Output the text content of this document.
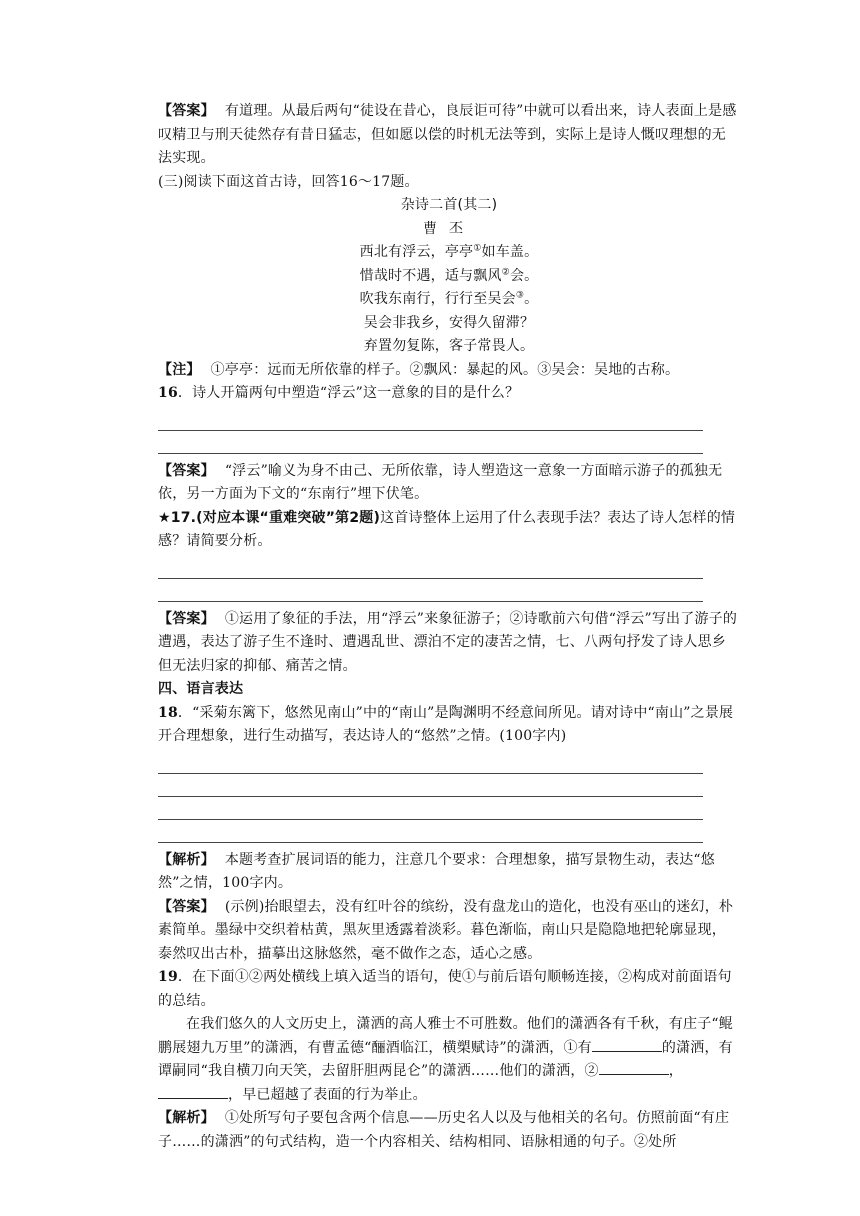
【答案】 有道理。从最后两句“徒设在昔心，良辰讵可待”中就可以看出来，诗人表面上是感叹精卫与刑天徒然存有昔日猛志，但如愿以偿的时机无法等到，实际上是诗人慨叹理想的无法实现。

(三)阅读下面这首古诗，回答16～17题。

杂诗二首(其二)

曹丕

西北有浮云，亭亭①如车盖。

惜哉时不遇，适与飘风②会。

吹我东南行，行行至吴会③。

吴会非我乡，安得久留滞？

弃置勿复陈，客子常畏人。

【注】 ①亭亭：远而无所依靠的样子。②飘风：暴起的风。③吴会：吴地的古称。

16．诗人开篇两句中塑造“浮云”这一意象的目的是什么？

【答案】 “浮云”喻义为身不由己、无所依靠，诗人塑造这一意象一方面暗示游子的孤独无依，另一方面为下文的“东南行”埋下伏笔。

★17.(对应本课“重难突破”第2题)这首诗整体上运用了什么表现手法？表达了诗人怎样的情感？请简要分析。

【答案】 ①运用了象征的手法，用“浮云”来象征游子；②诗歌前六句借“浮云”写出了游子的遭遇，表达了游子生不逢时、遭遇乱世、漂泊不定的凄苦之情，七、八两句抒发了诗人思乡但无法归家的抑郁、痛苦之情。

四、语言表达

18．“采菊东篱下，悠然见南山”中的“南山”是陶渊明不经意间所见。请对诗中“南山”之景展开合理想象，进行生动描写，表达诗人的“悠然”之情。(100字内)

【解析】 本题考查扩展词语的能力，注意几个要求：合理想象，描写景物生动，表达“悠然”之情，100字内。

【答案】 (示例)抬眼望去，没有红叶谷的缤纷，没有盘龙山的造化，也没有巫山的迷幻，朴素简单。墨绿中交织着枯黄，黑灰里透露着淡彩。暮色渐临，南山只是隐隐地把轮廓显现，泰然叹出古朴，描摹出这脉悠然，毫不做作之态，适心之感。

19．在下面①②两处横线上填入适当的语句，使①与前后语句顺畅连接，②构成对前面语句的总结。

在我们悠久的人文历史上，潇洒的高人雅士不可胜数。他们的潇洒各有千秋，有庄子“鲲鹏展翅九万里”的潇洒，有曹孟德“酾酒临江，横槊赋诗”的潇洒，①有	的潇洒，有谭嗣同“我自横刀向天笑，去留肝胆两昆仑”的潇洒……他们的潇洒，②	，，早已超越了表面的行为举止。

【解析】 ①处所写句子要包含两个信息——历史名人以及与他相关的名句。仿照前面“有庄子……的潇洒”的句式结构，造一个内容相关、结构相同、语脉相通的句子。②处所
